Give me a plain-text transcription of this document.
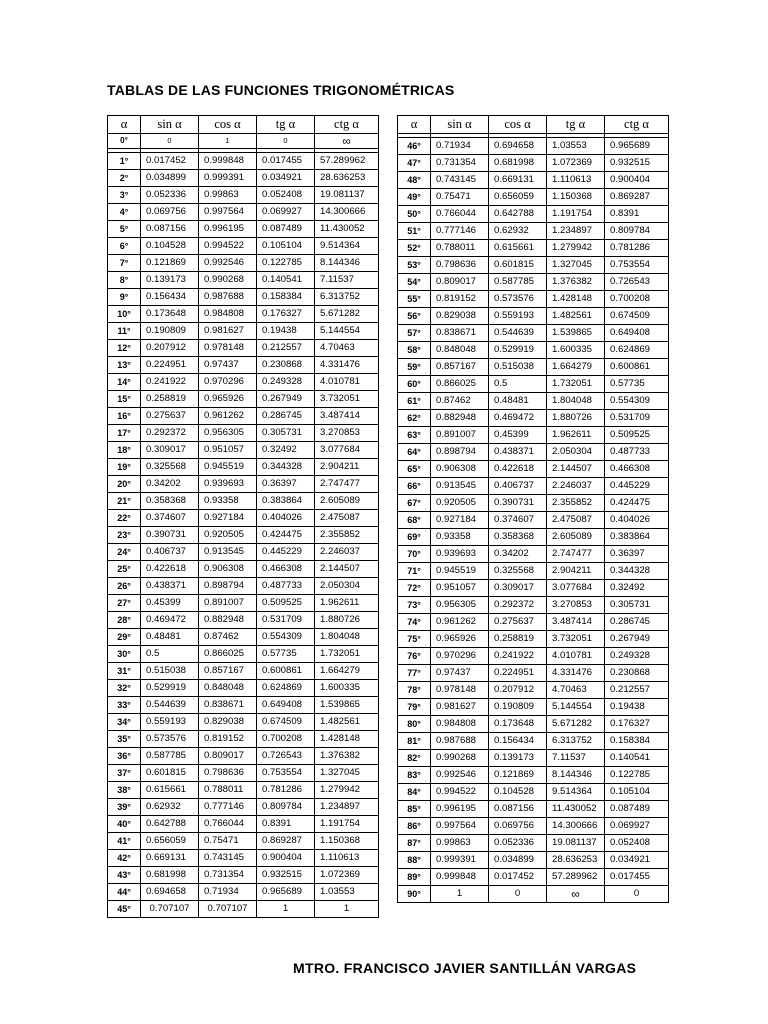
TABLAS DE LAS FUNCIONES TRIGONOMÉTRICAS
α	sin α	cos α	tg α	ctg α
0°	0	1	0	∞

1°	0.017452	0.999848	0.017455	57.289962
2°	0.034899	0.999391	0.034921	28.636253
3°	0.052336	0.99863	0.052408	19.081137
4°	0.069756	0.997564	0.069927	14.300666
5°	0.087156	0.996195	0.087489	11.430052
6°	0.104528	0.994522	0.105104	9.514364
7°	0.121869	0.992546	0.122785	8.144346
8°	0.139173	0.990268	0.140541	7.11537
9°	0.156434	0.987688	0.158384	6.313752
10°	0.173648	0.984808	0.176327	5.671282
11°	0.190809	0.981627	0.19438	5.144554
12°	0.207912	0.978148	0.212557	4.70463
13°	0.224951	0.97437	0.230868	4.331476
14°	0.241922	0.970296	0.249328	4.010781
15°	0.258819	0.965926	0.267949	3.732051
16°	0.275637	0.961262	0.286745	3.487414
17°	0.292372	0.956305	0.305731	3.270853
18°	0.309017	0.951057	0.32492	3.077684
19°	0.325568	0.945519	0.344328	2.904211
20°	0.34202	0.939693	0.36397	2.747477
21°	0.358368	0.93358	0.383864	2.605089
22°	0.374607	0.927184	0.404026	2.475087
23°	0.390731	0.920505	0.424475	2.355852
24°	0.406737	0.913545	0.445229	2.246037
25°	0.422618	0.906308	0.466308	2.144507
26°	0.438371	0.898794	0.487733	2.050304
27°	0.45399	0.891007	0.509525	1.962611
28°	0.469472	0.882948	0.531709	1.880726
29°	0.48481	0.87462	0.554309	1.804048
30°	0.5	0.866025	0.57735	1.732051
31°	0.515038	0.857167	0.600861	1.664279
32°	0.529919	0.848048	0.624869	1.600335
33°	0.544639	0.838671	0.649408	1.539865
34°	0.559193	0.829038	0.674509	1.482561
35°	0.573576	0.819152	0.700208	1.428148
36°	0.587785	0.809017	0.726543	1.376382
37°	0.601815	0.798636	0.753554	1.327045
38°	0.615661	0.788011	0.781286	1.279942
39°	0.62932	0.777146	0.809784	1.234897
40°	0.642788	0.766044	0.8391	1.191754
41°	0.656059	0.75471	0.869287	1.150368
42°	0.669131	0.743145	0.900404	1.110613
43°	0.681998	0.731354	0.932515	1.072369
44°	0.694658	0.71934	0.965689	1.03553
45°	0.707107	0.707107	1	1
α	sin α	cos α	tg α	ctg α

46°	0.71934	0.694658	1.03553	0.965689
47°	0.731354	0.681998	1.072369	0.932515
48°	0.743145	0.669131	1.110613	0.900404
49°	0.75471	0.656059	1.150368	0.869287
50°	0.766044	0.642788	1.191754	0.8391
51°	0.777146	0.62932	1.234897	0.809784
52°	0.788011	0.615661	1.279942	0.781286
53°	0.798636	0.601815	1.327045	0.753554
54°	0.809017	0.587785	1.376382	0.726543
55°	0.819152	0.573576	1.428148	0.700208
56°	0.829038	0.559193	1.482561	0.674509
57°	0.838671	0.544639	1.539865	0.649408
58°	0.848048	0.529919	1.600335	0.624869
59°	0.857167	0.515038	1.664279	0.600861
60°	0.866025	0.5	1.732051	0.57735
61°	0.87462	0.48481	1.804048	0.554309
62°	0.882948	0.469472	1.880726	0.531709
63°	0.891007	0.45399	1.962611	0.509525
64°	0.898794	0.438371	2.050304	0.487733
65°	0.906308	0.422618	2.144507	0.466308
66°	0.913545	0.406737	2.246037	0.445229
67°	0.920505	0.390731	2.355852	0.424475
68°	0.927184	0.374607	2.475087	0.404026
69°	0.93358	0.358368	2.605089	0.383864
70°	0.939693	0.34202	2.747477	0.36397
71°	0.945519	0.325568	2.904211	0.344328
72°	0.951057	0.309017	3.077684	0.32492
73°	0.956305	0.292372	3.270853	0.305731
74°	0.961262	0.275637	3.487414	0.286745
75°	0.965926	0.258819	3.732051	0.267949
76°	0.970296	0.241922	4.010781	0.249328
77°	0.97437	0.224951	4.331476	0.230868
78°	0.978148	0.207912	4.70463	0.212557
79°	0.981627	0.190809	5.144554	0.19438
80°	0.984808	0.173648	5.671282	0.176327
81°	0.987688	0.156434	6.313752	0.158384
82°	0.990268	0.139173	7.11537	0.140541
83°	0.992546	0.121869	8.144346	0.122785
84°	0.994522	0.104528	9.514364	0.105104
85°	0.996195	0.087156	11.430052	0.087489
86°	0.997564	0.069756	14.300666	0.069927
87°	0.99863	0.052336	19.081137	0.052408
88°	0.999391	0.034899	28.636253	0.034921
89°	0.999848	0.017452	57.289962	0.017455
90°	1	0	∞	0
MTRO. FRANCISCO JAVIER SANTILLÁN VARGAS
